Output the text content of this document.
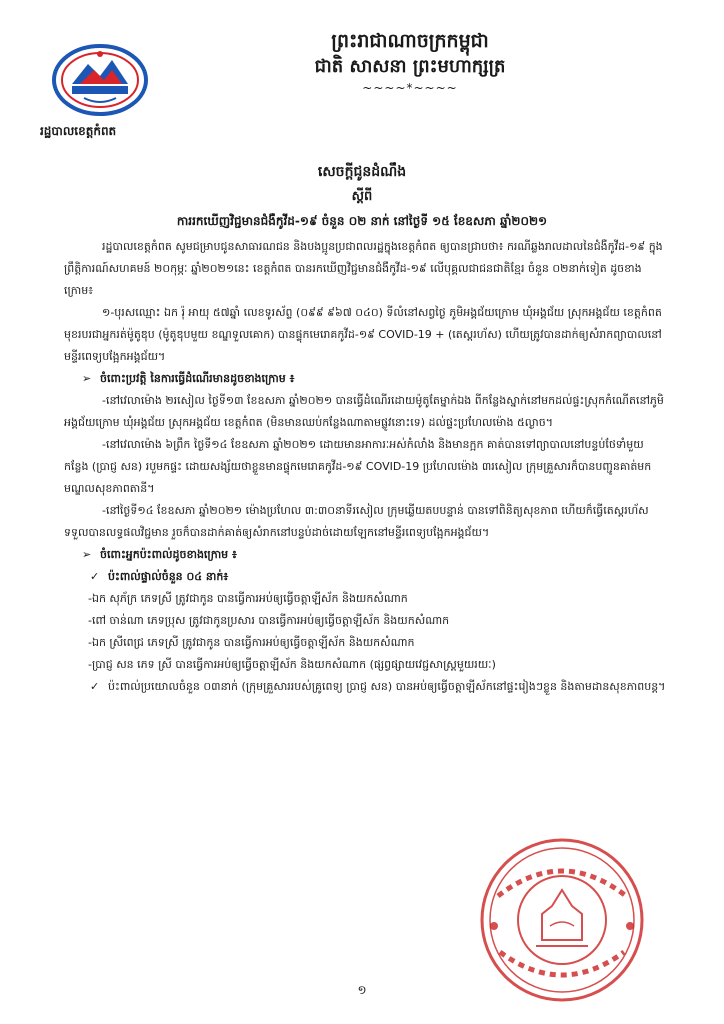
រដ្ឋបាលខេត្តកំពត
ព្រះរាជាណាចក្រកម្ពុជា
ជាតិ សាសនា ព្រះមហាក្សត្រ
~~~~*~~~~
សេចក្តីជូនដំណឹង
ស្តីពី
ការរកឃើញវិជ្ជមានជំងឺកូវីដ-១៩ ចំនួន ០២ នាក់ នៅថ្ងៃទី ១៥ ខែឧសភា ឆ្នាំ២០២១

រដ្ឋបាលខេត្តកំពត សូមជម្រាបជូនសាធារណជន និងបងប្អូនប្រជាពលរដ្ឋក្នុងខេត្តកំពត ឲ្យបានជ្រាបថា៖ ករណីឆ្លងរាលដាលនៃជំងឺកូវីដ-១៩ ក្នុងព្រឹត្តិការណ៍សហគមន៍ ២០កុម្ភៈ ឆ្នាំ២០២១នេះ ខេត្តកំពត បានរកឃើញវិជ្ជមានជំងឺកូវីដ-១៩ លើបុគ្គលជាជនជាតិខ្មែរ ចំនួន ០២នាក់ទៀត ដូចខាងក្រោម៖

១-បុរសឈ្មោះ ឯក រ៉ុ អាយុ ៥៧ឆ្នាំ លេខទូរស័ព្ទ (០៩៩ ៩៦៧ ០៤០) ទីលំនៅសព្វថ្ងៃ ភូមិអង្គជ័យក្រោម ឃុំអង្គជ័យ ស្រុកអង្គជ័យ ខេត្តកំពត មុខរបរជាអ្នករត់ម៉ូតូឌុប (ម៉ូតូឌុបមួយ ខណ្ឌទួលគោក) បានផ្ទុកមេរោគកូវីដ-១៩ COVID-19 + (តេស្តរហ័ស) ហើយត្រូវបានដាក់ឲ្យសំរាកព្យាបាលនៅមន្ទីរពេទ្យបង្អែកអង្គជ័យ។

➢ ចំពោះប្រវត្តិ នៃការធ្វើដំណើរមានដូចខាងក្រោម ៖

-នៅវេលាម៉ោង ២រសៀល ថ្ងៃទី១៣ ខែឧសភា ឆ្នាំ២០២១ បានធ្វើដំណើរដោយម៉ូតូតែម្នាក់ឯង ពីកន្លែងស្នាក់នៅមកដល់ផ្ទះស្រុកកំណើតនៅភូមិអង្គជ័យក្រោម ឃុំអង្គជ័យ ស្រុកអង្គជ័យ ខេត្តកំពត (មិនមានឈប់កន្លែងណាតាមផ្លូវនោះទេ) ដល់ផ្ទះប្រហែលម៉ោង ៥ល្ងាច។

-នៅវេលាម៉ោង ៦ព្រឹក ថ្ងៃទី១៤ ខែឧសភា ឆ្នាំ២០២១ ដោយមានអាការៈអស់កំលាំង និងមានក្អក គាត់បានទៅព្យាបាលនៅបន្ទប់ថែទាំមួយកន្លែង (ប្រាជ្ញ សន) របួមកផ្ទះ ដោយសង្ស័យថាខ្លួនមានផ្ទុកមេរោគកូវីដ-១៩ COVID-19 ប្រហែលម៉ោង ៣រសៀល ក្រុមគ្រួសារក៏បានបញ្ជូនគាត់មកមណ្ឌលសុខភាពតានី។

-នៅថ្ងៃទី១៤ ខែឧសភា ឆ្នាំ២០២១ ម៉ោងប្រហែល ៣:៣០នាទីរសៀល ក្រុមឆ្លើយតបបន្ទាន់ បានទៅពិនិត្យសុខភាព ហើយក៏ធ្វើតេស្តរហ័ស ទទួលបានលទ្ធផលវិជ្ជមាន រួចក៏បានដាក់គាត់ឲ្យសំរាកនៅបន្ទប់ដាច់ដោយឡែកនៅមន្ទីរពេទ្យបង្អែកអង្គជ័យ។

➢ ចំពោះអ្នកប៉ះពាល់ដូចខាងក្រោម ៖

✓ ប៉ះពាល់ផ្ទាល់ចំនួន ០៤ នាក់៖

-ឯក សុភ័ក្រ ភេទស្រី ត្រូវជាកូន បានធ្វើការអប់ឲ្យធ្វើចត្តាឡីស័ក និងយកសំណាក

-ពៅ ចាន់ណា ភេទប្រុស ត្រូវជាកូនប្រសារ បានធ្វើការអប់ឲ្យធ្វើចត្តាឡីស័ក និងយកសំណាក

-ឯក ស្រីពេជ្រ ភេទស្រី ត្រូវជាកូន បានធ្វើការអប់ឲ្យធ្វើចត្តាឡីស័ក និងយកសំណាក

-ប្រាជ្ញ សន ភេទ ស្រី បានធ្វើការអប់ឲ្យធ្វើចត្តាឡីស័ក និងយកសំណាក (ផ្សព្វផ្សាយវេជ្ជសាស្រ្តមួយរយៈ)

✓ ប៉ះពាល់ប្រយោលចំនួន ០៣នាក់ (ក្រុមគ្រួសាររបស់គ្រូពេទ្យ ប្រាជ្ញ សន) បានអប់ឲ្យធ្វើចត្តាឡីស័កនៅផ្ទះរៀងៗខ្លួន និងតាមដានសុខភាពបន្ត។

១
